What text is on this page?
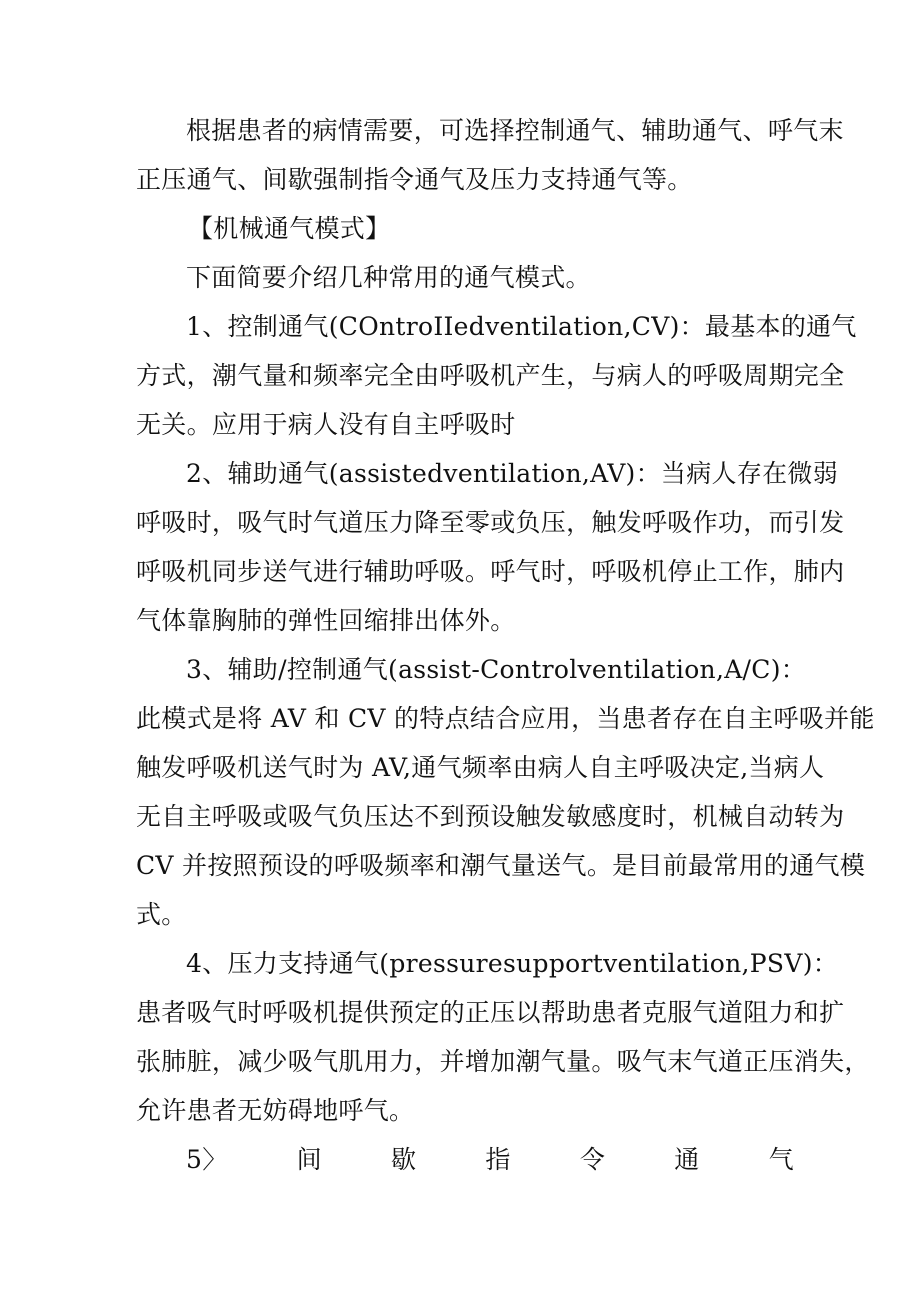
根据患者的病情需要，可选择控制通气、辅助通气、呼气末
正压通气、间歇强制指令通气及压力支持通气等。
【机械通气模式】
下面简要介绍几种常用的通气模式。
1、控制通气(COntroIIedventilation,CV)：最基本的通气
方式，潮气量和频率完全由呼吸机产生，与病人的呼吸周期完全
无关。应用于病人没有自主呼吸时
2、辅助通气(assistedventilation,AV)：当病人存在微弱
呼吸时，吸气时气道压力降至零或负压，触发呼吸作功，而引发
呼吸机同步送气进行辅助呼吸。呼气时，呼吸机停止工作，肺内
气体靠胸肺的弹性回缩排出体外。
3、辅助/控制通气(assist-Controlventilation,A/C)：
此模式是将 AV 和 CV 的特点结合应用，当患者存在自主呼吸并能
触发呼吸机送气时为 AV,通气频率由病人自主呼吸决定,当病人
无自主呼吸或吸气负压达不到预设触发敏感度时，机械自动转为
CV 并按照预设的呼吸频率和潮气量送气。是目前最常用的通气模
式。
4、压力支持通气(pressuresupportventilation,PSV)：
患者吸气时呼吸机提供预定的正压以帮助患者克服气道阻力和扩
张肺脏，减少吸气肌用力，并增加潮气量。吸气末气道正压消失，
允许患者无妨碍地呼气。
5〉	间	歇	指	令	通	气
